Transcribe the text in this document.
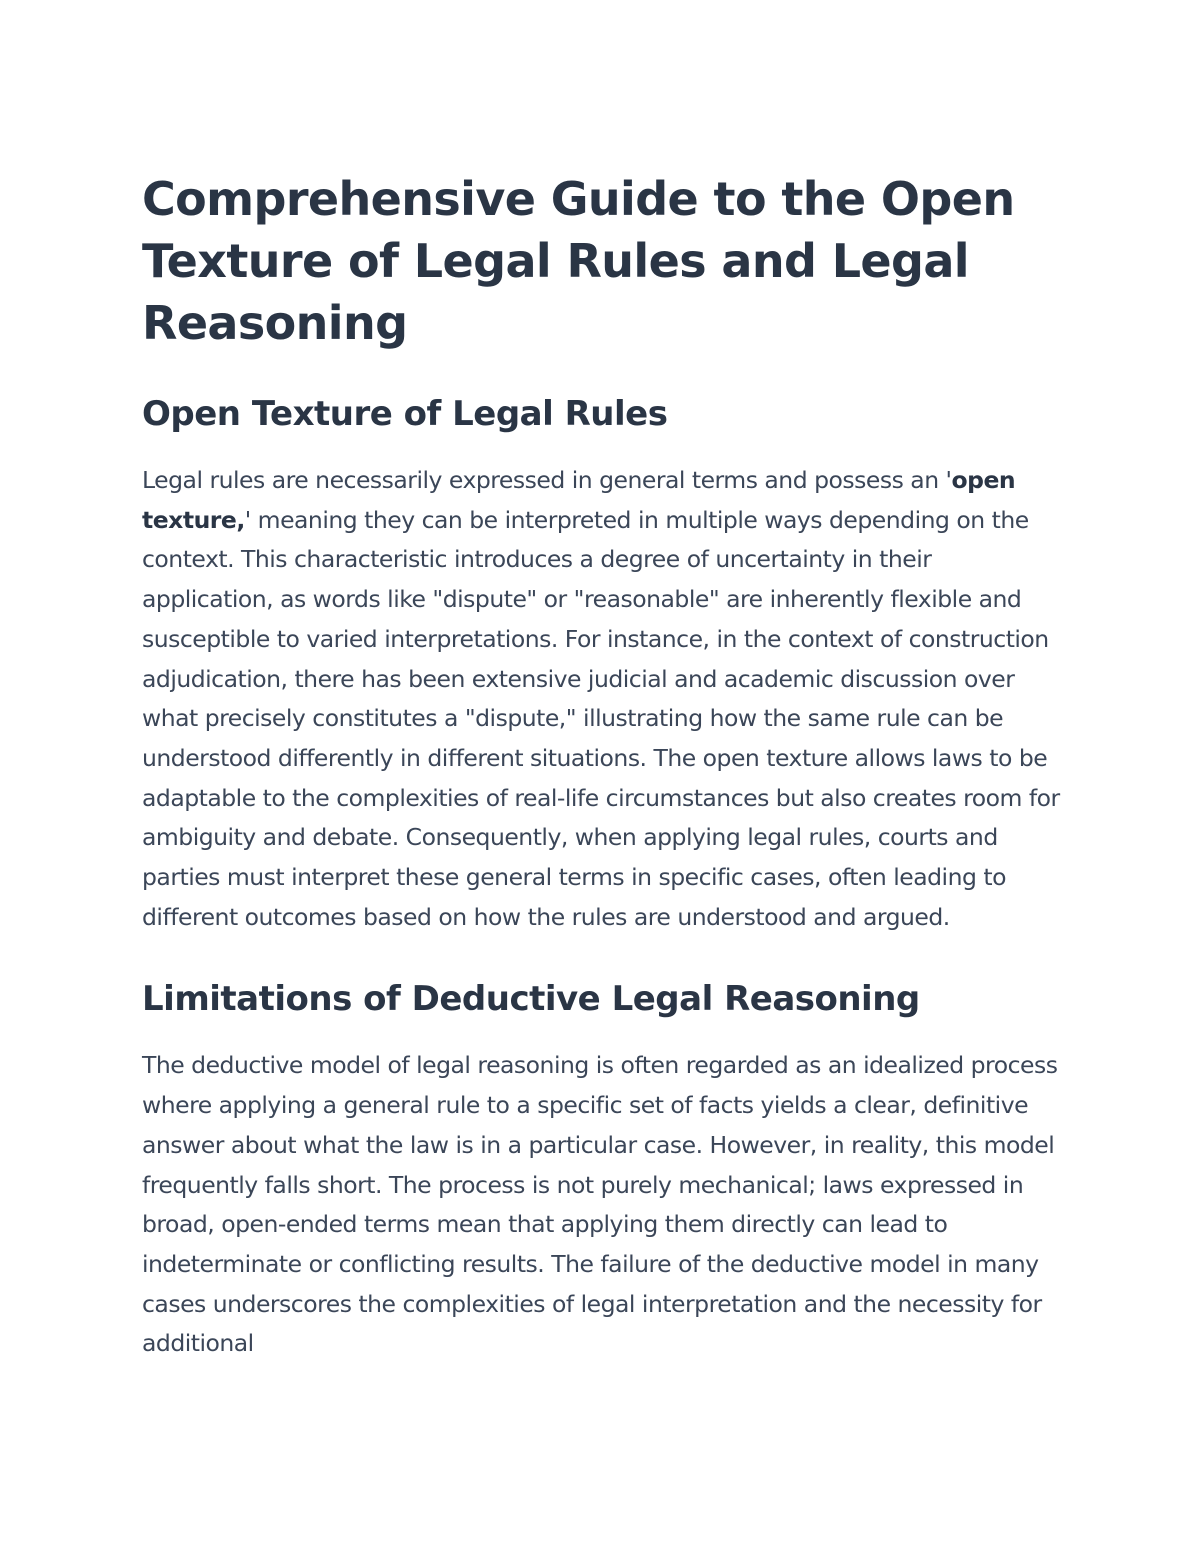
Comprehensive Guide to the Open Texture of Legal Rules and Legal Reasoning
Open Texture of Legal Rules

Legal rules are necessarily expressed in general terms and possess an 'open texture,' meaning they can be interpreted in multiple ways depending on the context. This characteristic introduces a degree of uncertainty in their application, as words like "dispute" or "reasonable" are inherently flexible and susceptible to varied interpretations. For instance, in the context of construction adjudication, there has been extensive judicial and academic discussion over what precisely constitutes a "dispute," illustrating how the same rule can be understood differently in different situations. The open texture allows laws to be adaptable to the complexities of real-life circumstances but also creates room for ambiguity and debate. Consequently, when applying legal rules, courts and parties must interpret these general terms in specific cases, often leading to different outcomes based on how the rules are understood and argued.

Limitations of Deductive Legal Reasoning

The deductive model of legal reasoning is often regarded as an idealized process where applying a general rule to a specific set of facts yields a clear, definitive answer about what the law is in a particular case. However, in reality, this model frequently falls short. The process is not purely mechanical; laws expressed in broad, open-ended terms mean that applying them directly can lead to indeterminate or conflicting results. The failure of the deductive model in many cases underscores the complexities of legal interpretation and the necessity for additional
